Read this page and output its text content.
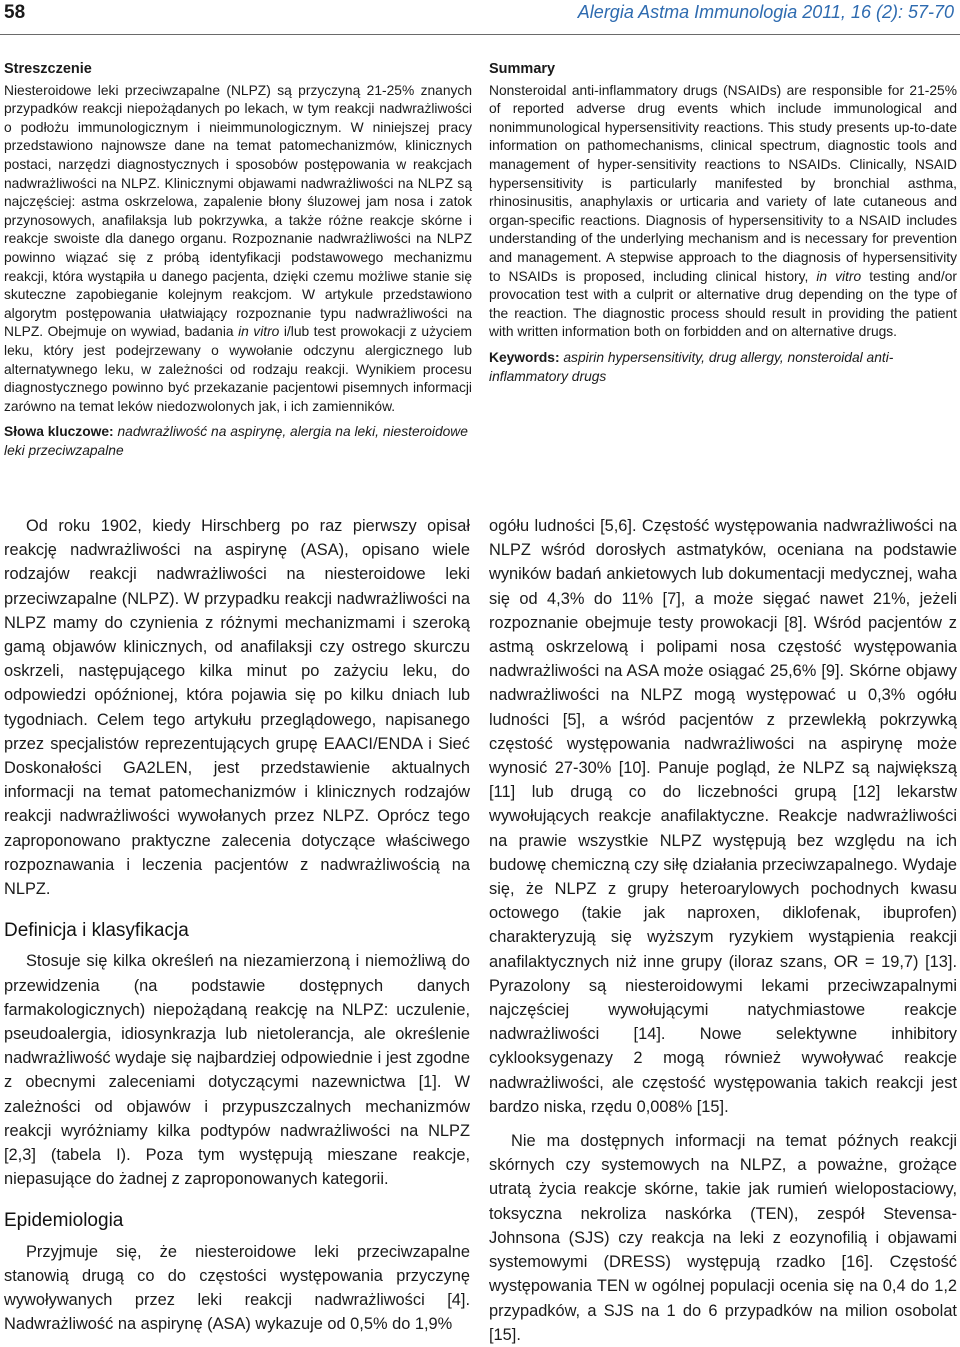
58	Alergia Astma Immunologia 2011, 16 (2): 57-70

Streszczenie

Niesteroidowe leki przeciwzapalne (NLPZ) są przyczyną 21-25% znanych przypadków reakcji niepożądanych po lekach, w tym reakcji nadwrażliwości o podłożu immunologicznym i nieimmunologicznym. W niniejszej pracy przedstawiono najnowsze dane na temat patomechanizmów, klinicznych postaci, narzędzi diagnostycznych i sposobów postępowania w reakcjach nadwrażliwości na NLPZ. Klinicznymi objawami nadwrażliwości na NLPZ są najczęściej: astma oskrzelowa, zapalenie błony śluzowej jam nosa i zatok przynosowych, anafilaksja lub pokrzywka, a także różne reakcje skórne i reakcje swoiste dla danego organu. Rozpoznanie nadwrażliwości na NLPZ powinno wiązać się z próbą identyfikacji podstawowego mechanizmu reakcji, która wystąpiła u danego pacjenta, dzięki czemu możliwe stanie się skuteczne zapobieganie kolejnym reakcjom. W artykule przedstawiono algorytm postępowania ułatwiający rozpoznanie typu nadwrażliwości na NLPZ. Obejmuje on wywiad, badania in vitro i/lub test prowokacji z użyciem leku, który jest podejrzewany o wywołanie odczynu alergicznego lub alternatywnego leku, w zależności od rodzaju reakcji. Wynikiem procesu diagnostycznego powinno być przekazanie pacjentowi pisemnych informacji zarówno na temat leków niedozwolonych jak, i ich zamienników.

Słowa kluczowe: nadwrażliwość na aspirynę, alergia na leki, niesteroidowe leki przeciwzapalne

Summary

Nonsteroidal anti-inflammatory drugs (NSAIDs) are responsible for 21-25% of reported adverse drug events which include immunological and nonimmunological hypersensitivity reactions. This study presents up-to-date information on pathomechanisms, clinical spectrum, diagnostic tools and management of hyper-sensitivity reactions to NSAIDs. Clinically, NSAID hypersensitivity is particularly manifested by bronchial asthma, rhinosinusitis, anaphylaxis or urticaria and variety of late cutaneous and organ-specific reactions. Diagnosis of hypersensitivity to a NSAID includes understanding of the underlying mechanism and is necessary for prevention and management. A stepwise approach to the diagnosis of hypersensitivity to NSAIDs is proposed, including clinical history, in vitro testing and/or provocation test with a culprit or alternative drug depending on the type of the reaction. The diagnostic process should result in providing the patient with written information both on forbidden and on alternative drugs.

Keywords: aspirin hypersensitivity, drug allergy, nonsteroidal anti-inflammatory drugs

Od roku 1902, kiedy Hirschberg po raz pierwszy opisał reakcję nadwrażliwości na aspirynę (ASA), opisano wiele rodzajów reakcji nadwrażliwości na niesteroidowe leki przeciwzapalne (NLPZ). W przypadku reakcji nadwrażliwości na NLPZ mamy do czynienia z różnymi mechanizmami i szeroką gamą objawów klinicznych, od anafilaksji czy ostrego skurczu oskrzeli, następującego kilka minut po zażyciu leku, do odpowiedzi opóźnionej, która pojawia się po kilku dniach lub tygodniach. Celem tego artykułu przeglądowego, napisanego przez specjalistów reprezentujących grupę EAACI/ENDA i Sieć Doskonałości GA2LEN, jest przedstawienie aktualnych informacji na temat patomechanizmów i klinicznych rodzajów reakcji nadwrażliwości wywołanych przez NLPZ. Oprócz tego zaproponowano praktyczne zalecenia dotyczące właściwego rozpoznawania i leczenia pacjentów z nadwrażliwością na NLPZ.

Definicja i klasyfikacja

Stosuje się kilka określeń na niezamierzoną i niemożliwą do przewidzenia (na podstawie dostępnych danych farmakologicznych) niepożądaną reakcję na NLPZ: uczulenie, pseudoalergia, idiosynkrazja lub nietolerancja, ale określenie nadwrażliwość wydaje się najbardziej odpowiednie i jest zgodne z obecnymi zaleceniami dotyczącymi nazewnictwa [1]. W zależności od objawów i przypuszczalnych mechanizmów reakcji wyróżniamy kilka podtypów nadwrażliwości na NLPZ [2,3] (tabela I). Poza tym występują mieszane reakcje, niepasujące do żadnej z zaproponowanych kategorii.

Epidemiologia

Przyjmuje się, że niesteroidowe leki przeciwzapalne stanowią drugą co do częstości występowania przyczynę wywoływanych przez leki reakcji nadwrażliwości [4]. Nadwrażliwość na aspirynę (ASA) wykazuje od 0,5% do 1,9%

ogółu ludności [5,6]. Częstość występowania nadwrażliwości na NLPZ wśród dorosłych astmatyków, oceniana na podstawie wyników badań ankietowych lub dokumentacji medycznej, waha się od 4,3% do 11% [7], a może sięgać nawet 21%, jeżeli rozpoznanie obejmuje testy prowokacji [8]. Wśród pacjentów z astmą oskrzelową i polipami nosa częstość występowania nadwrażliwości na ASA może osiągać 25,6% [9]. Skórne objawy nadwrażliwości na NLPZ mogą występować u 0,3% ogółu ludności [5], a wśród pacjentów z przewlekłą pokrzywką częstość występowania nadwrażliwości na aspirynę może wynosić 27-30% [10]. Panuje pogląd, że NLPZ są największą [11] lub drugą co do liczebności grupą [12] lekarstw wywołujących reakcje anafilaktyczne. Reakcje nadwrażliwości na prawie wszystkie NLPZ występują bez względu na ich budowę chemiczną czy siłę działania przeciwzapalnego. Wydaje się, że NLPZ z grupy heteroarylowych pochodnych kwasu octowego (takie jak naproxen, diklofenak, ibuprofen) charakteryzują się wyższym ryzykiem wystąpienia reakcji anafilaktycznych niż inne grupy (iloraz szans, OR = 19,7) [13]. Pyrazolony są niesteroidowymi lekami przeciwzapalnymi najczęściej wywołującymi natychmiastowe reakcje nadwrażliwości [14]. Nowe selektywne inhibitory cyklooksygenazy 2 mogą również wywoływać reakcje nadwrażliwości, ale częstość występowania takich reakcji jest bardzo niska, rzędu 0,008% [15].

Nie ma dostępnych informacji na temat późnych reakcji skórnych czy systemowych na NLPZ, a poważne, grożące utratą życia reakcje skórne, takie jak rumień wielopostaciowy, toksyczna nekroliza naskórka (TEN), zespół Stevensa-Johnsona (SJS) czy reakcja na leki z eozynofilią i objawami systemowymi (DRESS) występują rzadko [16]. Częstość występowania TEN w ogólnej populacji ocenia się na 0,4 do 1,2 przypadków, a SJS na 1 do 6 przypadków na milion osobolat [15].
